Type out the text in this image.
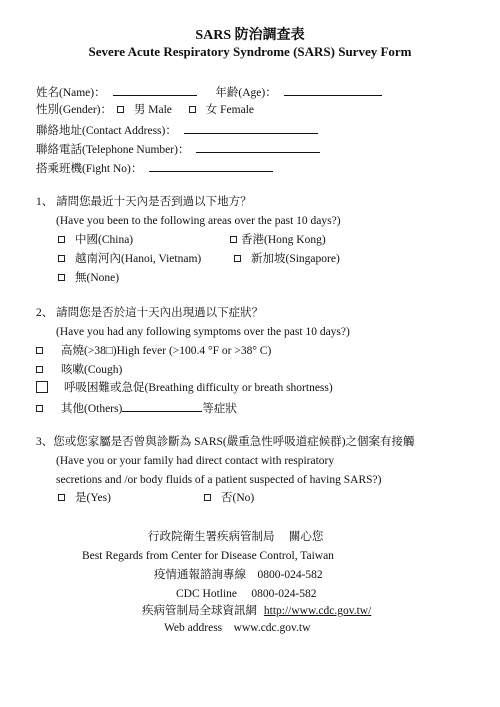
SARS 防治調查表
Severe Acute Respiratory Syndrome (SARS) Survey Form
姓名(Name)：	年齡(Age)：
性別(Gender)： 男 Male	女 Female
聯絡地址(Contact Address)：
聯絡電話(Telephone Number)：
搭乘班機(Fight No)：
1、 請問您最近十天內是否到過以下地方？
(Have you been to the following areas over the past 10 days?)
中國(China)	香港(Hong Kong)
越南河內(Hanoi, Vietnam)	新加坡(Singapore)
無(None)
2、 請問您是否於這十天內出現過以下症狀？
(Have you had any following symptoms over the past 10 days?)
高燒(>38□)High fever (>100.4 °F or >38° C)
咳嗽(Cough)
呼吸困難或急促(Breathing difficulty or breath shortness)
其他(Others)	等症狀
3、您或您家屬是否曾與診斷為 SARS(嚴重急性呼吸道症候群)之個案有接觸
(Have you or your family had direct contact with respiratory
secretions and /or body fluids of a patient suspected of having SARS?)
是(Yes)	否(No)
行政院衛生署疾病管制局　 關心您
Best Regards from Center for Disease Control, Taiwan
疫情通報諮詢專線　0800-024-582
CDC Hotline　 0800-024-582
疾病管制局全球資訊網 http://www.cdc.gov.tw/
Web address　www.cdc.gov.tw
